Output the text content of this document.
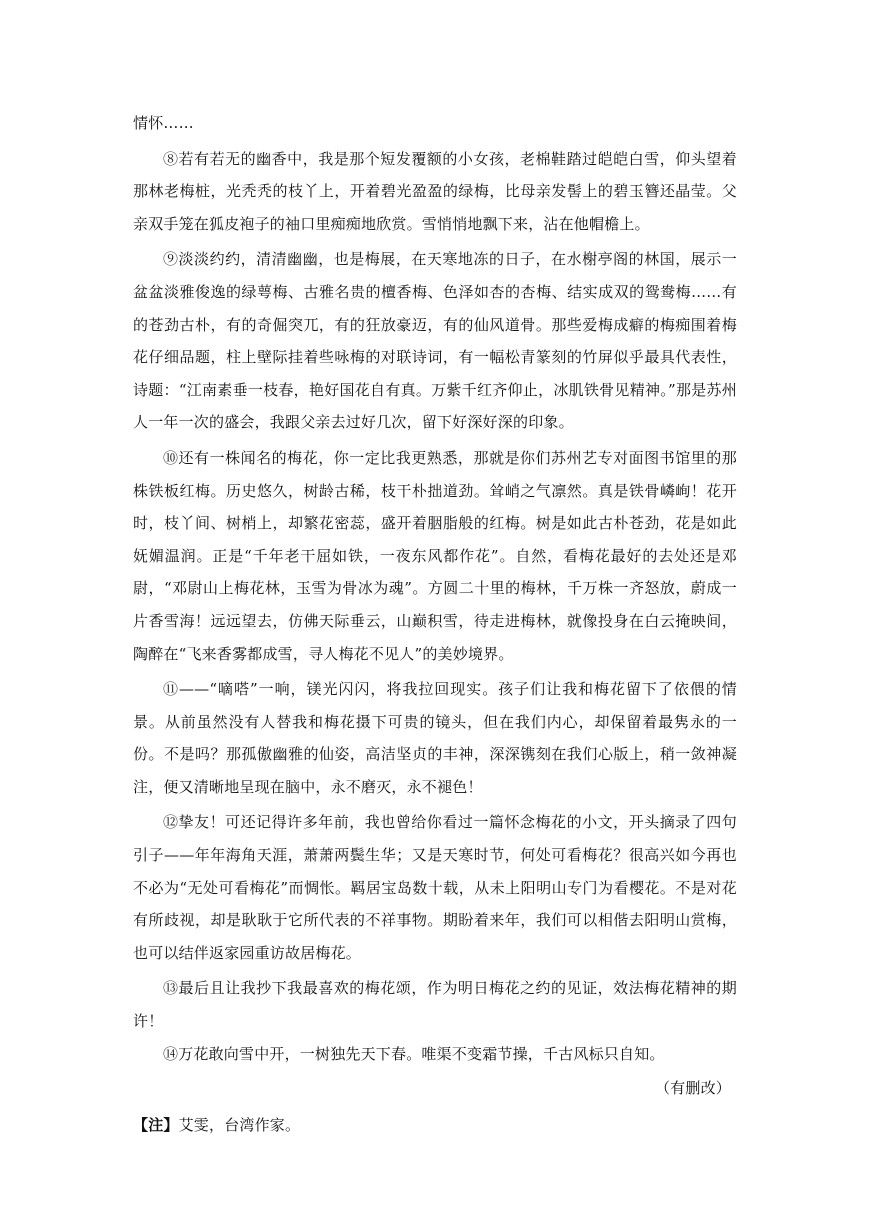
情怀……

⑧若有若无的幽香中，我是那个短发覆额的小女孩，老棉鞋踏过皑皑白雪，仰头望着那林老梅桩，光秃秃的枝丫上，开着碧光盈盈的绿梅，比母亲发髻上的碧玉簪还晶莹。父亲双手笼在狐皮袍子的袖口里痴痴地欣赏。雪悄悄地飘下来，沾在他帽檐上。

⑨淡淡约约，清清幽幽，也是梅展，在天寒地冻的日子，在水榭亭阁的林国，展示一盆盆淡雅俊逸的绿萼梅、古雅名贵的檀香梅、色泽如杏的杏梅、结实成双的鸳鸯梅……有的苍劲古朴，有的奇倔突兀，有的狂放豪迈，有的仙风道骨。那些爱梅成癖的梅痴围着梅花仔细品题，柱上壁际挂着些咏梅的对联诗词，有一幅松青篆刻的竹屏似乎最具代表性，诗题：“江南素垂一枝春，艳好国花自有真。万紫千红齐仰止，冰肌铁骨见精神。”那是苏州人一年一次的盛会，我跟父亲去过好几次，留下好深好深的印象。

⑩还有一株闻名的梅花，你一定比我更熟悉，那就是你们苏州艺专对面图书馆里的那株铁板红梅。历史悠久，树龄古稀，枝干朴拙道劲。耸峭之气凛然。真是铁骨嶙峋！花开时，枝丫间、树梢上，却繁花密蕊，盛开着胭脂般的红梅。树是如此古朴苍劲，花是如此妩媚温润。正是“千年老干屈如铁，一夜东风都作花”。自然，看梅花最好的去处还是邓尉，“邓尉山上梅花林，玉雪为骨冰为魂”。方圆二十里的梅林，千万株一齐怒放，蔚成一片香雪海！远远望去，仿佛天际垂云，山巅积雪，待走进梅林，就像投身在白云掩映间，陶醉在“飞来香雾都成雪，寻人梅花不见人”的美妙境界。

⑪——“嘀嗒”一响，镁光闪闪，将我拉回现实。孩子们让我和梅花留下了依偎的情景。从前虽然没有人替我和梅花摄下可贵的镜头，但在我们内心，却保留着最隽永的一份。不是吗？那孤傲幽雅的仙姿，高洁坚贞的丰神，深深镌刻在我们心版上，稍一敛神凝注，便又清晰地呈现在脑中，永不磨灭，永不褪色！

⑫挚友！可还记得许多年前，我也曾给你看过一篇怀念梅花的小文，开头摘录了四句引子——年年海角天涯，萧萧两鬓生华；又是天寒时节，何处可看梅花？很高兴如今再也不必为“无处可看梅花”而惆怅。羁居宝岛数十载，从未上阳明山专门为看樱花。不是对花有所歧视，却是耿耿于它所代表的不祥事物。期盼着来年，我们可以相偕去阳明山赏梅，也可以结伴返家园重访故居梅花。

⑬最后且让我抄下我最喜欢的梅花颂，作为明日梅花之约的见证，效法梅花精神的期许！

⑭万花敢向雪中开，一树独先天下春。唯渠不变霜节操，千古风标只自知。

（有删改）

【注】艾雯，台湾作家。
